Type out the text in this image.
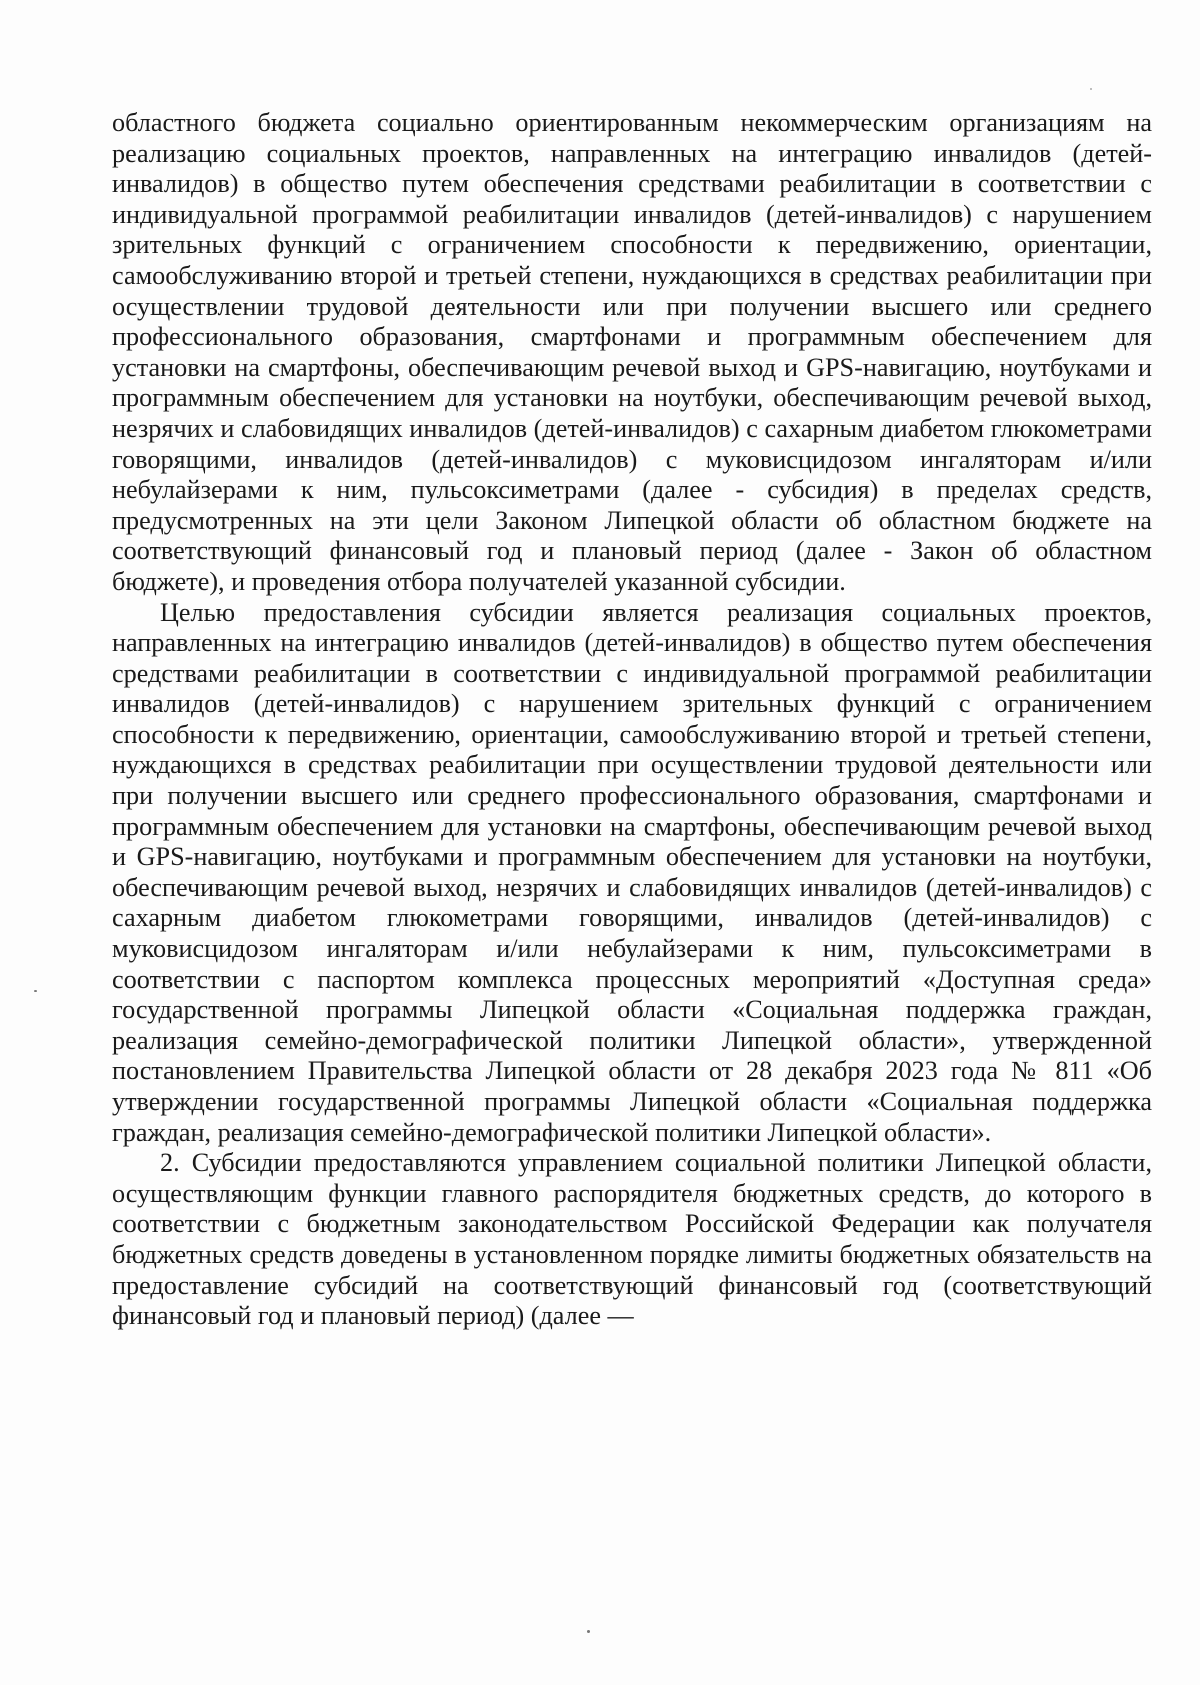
областного бюджета социально ориентированным некоммерческим организациям на реализацию социальных проектов, направленных на интеграцию инвалидов (детей-инвалидов) в общество путем обеспечения средствами реабилитации в соответствии с индивидуальной программой реабилитации инвалидов (детей-инвалидов) с нарушением зрительных функций с ограничением способности к передвижению, ориентации, самообслуживанию второй и третьей степени, нуждающихся в средствах реабилитации при осуществлении трудовой деятельности или при получении высшего или среднего профессионального образования, смартфонами и программным обеспечением для установки на смартфоны, обеспечивающим речевой выход и GPS-навигацию, ноутбуками и программным обеспечением для установки на ноутбуки, обеспечивающим речевой выход, незрячих и слабовидящих инвалидов (детей-инвалидов) с сахарным диабетом глюкометрами говорящими, инвалидов (детей-инвалидов) с муковисцидозом ингаляторам и/или небулайзерами к ним, пульсоксиметрами (далее - субсидия) в пределах средств, предусмотренных на эти цели Законом Липецкой области об областном бюджете на соответствующий финансовый год и плановый период (далее - Закон об областном бюджете), и проведения отбора получателей указанной субсидии.

Целью предоставления субсидии является реализация социальных проектов, направленных на интеграцию инвалидов (детей-инвалидов) в общество путем обеспечения средствами реабилитации в соответствии с индивидуальной программой реабилитации инвалидов (детей-инвалидов) с нарушением зрительных функций с ограничением способности к передвижению, ориентации, самообслуживанию второй и третьей степени, нуждающихся в средствах реабилитации при осуществлении трудовой деятельности или при получении высшего или среднего профессионального образования, смартфонами и программным обеспечением для установки на смартфоны, обеспечивающим речевой выход и GPS-навигацию, ноутбуками и программным обеспечением для установки на ноутбуки, обеспечивающим речевой выход, незрячих и слабовидящих инвалидов (детей-инвалидов) с сахарным диабетом глюкометрами говорящими, инвалидов (детей-инвалидов) с муковисцидозом ингаляторам и/или небулайзерами к ним, пульсоксиметрами в соответствии с паспортом комплекса процессных мероприятий «Доступная среда» государственной программы Липецкой области «Социальная поддержка граждан, реализация семейно-демографической политики Липецкой области», утвержденной постановлением Правительства Липецкой области от 28 декабря 2023 года № 811 «Об утверждении государственной программы Липецкой области «Социальная поддержка граждан, реализация семейно-демографической политики Липецкой области».

2. Субсидии предоставляются управлением социальной политики Липецкой области, осуществляющим функции главного распорядителя бюджетных средств, до которого в соответствии с бюджетным законодательством Российской Федерации как получателя бюджетных средств доведены в установленном порядке лимиты бюджетных обязательств на предоставление субсидий на соответствующий финансовый год (соответствующий финансовый год и плановый период) (далее —
